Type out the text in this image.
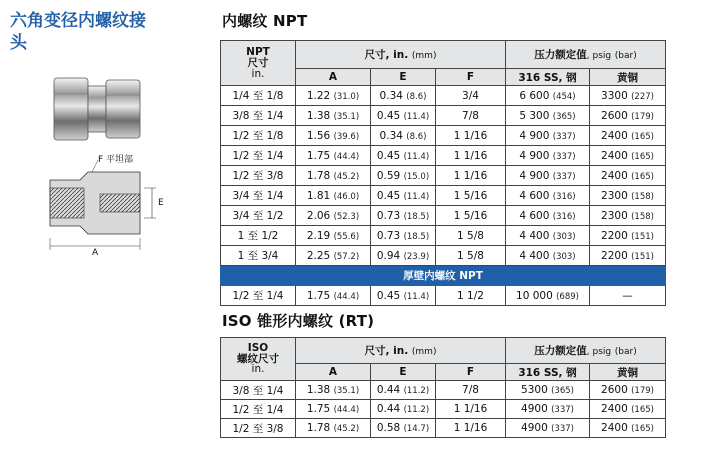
六角变径内螺纹接头
F 平坦部
E
A
内螺纹 NPT
NPT
尺寸
in.	尺寸, in. (mm)			压力额定值, psig (bar)	
	A	E	F	316 SS, 钢	黄铜
1/4 至 1/8	1.22 (31.0)	0.34 (8.6)	3/4	6 600 (454)	3300 (227)
3/8 至 1/4	1.38 (35.1)	0.45 (11.4)	7/8	5 300 (365)	2600 (179)
1/2 至 1/8	1.56 (39.6)	0.34 (8.6)	1 1/16	4 900 (337)	2400 (165)
1/2 至 1/4	1.75 (44.4)	0.45 (11.4)	1 1/16	4 900 (337)	2400 (165)
1/2 至 3/8	1.78 (45.2)	0.59 (15.0)	1 1/16	4 900 (337)	2400 (165)
3/4 至 1/4	1.81 (46.0)	0.45 (11.4)	1 5/16	4 600 (316)	2300 (158)
3/4 至 1/2	2.06 (52.3)	0.73 (18.5)	1 5/16	4 600 (316)	2300 (158)
1 至 1/2	2.19 (55.6)	0.73 (18.5)	1 5/8	4 400 (303)	2200 (151)
1 至 3/4	2.25 (57.2)	0.94 (23.9)	1 5/8	4 400 (303)	2200 (151)
厚壁内螺纹 NPT					
1/2 至 1/4	1.75 (44.4)	0.45 (11.4)	1 1/2	10 000 (689)	—
ISO 锥形内螺纹 (RT)
ISO
螺纹尺寸
in.	尺寸, in. (mm)			压力额定值, psig (bar)	
	A	E	F	316 SS, 钢	黄铜
3/8 至 1/4	1.38 (35.1)	0.44 (11.2)	7/8	5300 (365)	2600 (179)
1/2 至 1/4	1.75 (44.4)	0.44 (11.2)	1 1/16	4900 (337)	2400 (165)
1/2 至 3/8	1.78 (45.2)	0.58 (14.7)	1 1/16	4900 (337)	2400 (165)
